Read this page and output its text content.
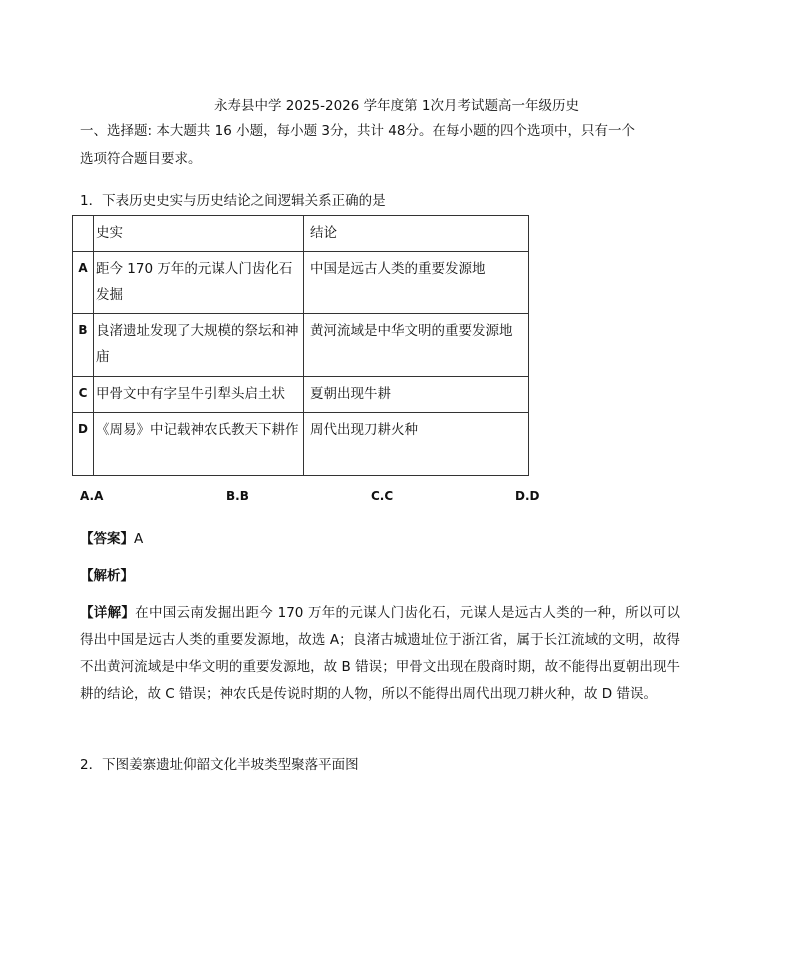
永寿县中学 2025-2026 学年度第 1次月考试题高一年级历史
一、选择题: 本大题共 16 小题，每小题 3分，共计 48分。在每小题的四个选项中，只有一个
选项符合题目要求。
1．下表历史史实与历史结论之间逻辑关系正确的是
	史实	结论
A	距今 170 万年的元谋人门齿化石发掘	中国是远古人类的重要发源地
B	良渚遗址发现了大规模的祭坛和神庙	黄河流域是中华文明的重要发源地
C	甲骨文中有字呈牛引犁头启土状	夏朝出现牛耕
D	《周易》中记载神农氏教天下耕作	周代出现刀耕火种
A.A	B.B	C.C	D.D
【答案】A
【解析】
【详解】在中国云南发掘出距今 170 万年的元谋人门齿化石，元谋人是远古人类的一种，所以可以得出中国是远古人类的重要发源地，故选 A；良渚古城遗址位于浙江省，属于长江流域的文明，故得不出黄河流域是中华文明的重要发源地，故 B 错误；甲骨文出现在殷商时期，故不能得出夏朝出现牛耕的结论，故 C 错误；神农氏是传说时期的人物，所以不能得出周代出现刀耕火种，故 D 错误。
2．下图姜寨遗址仰韶文化半坡类型聚落平面图
